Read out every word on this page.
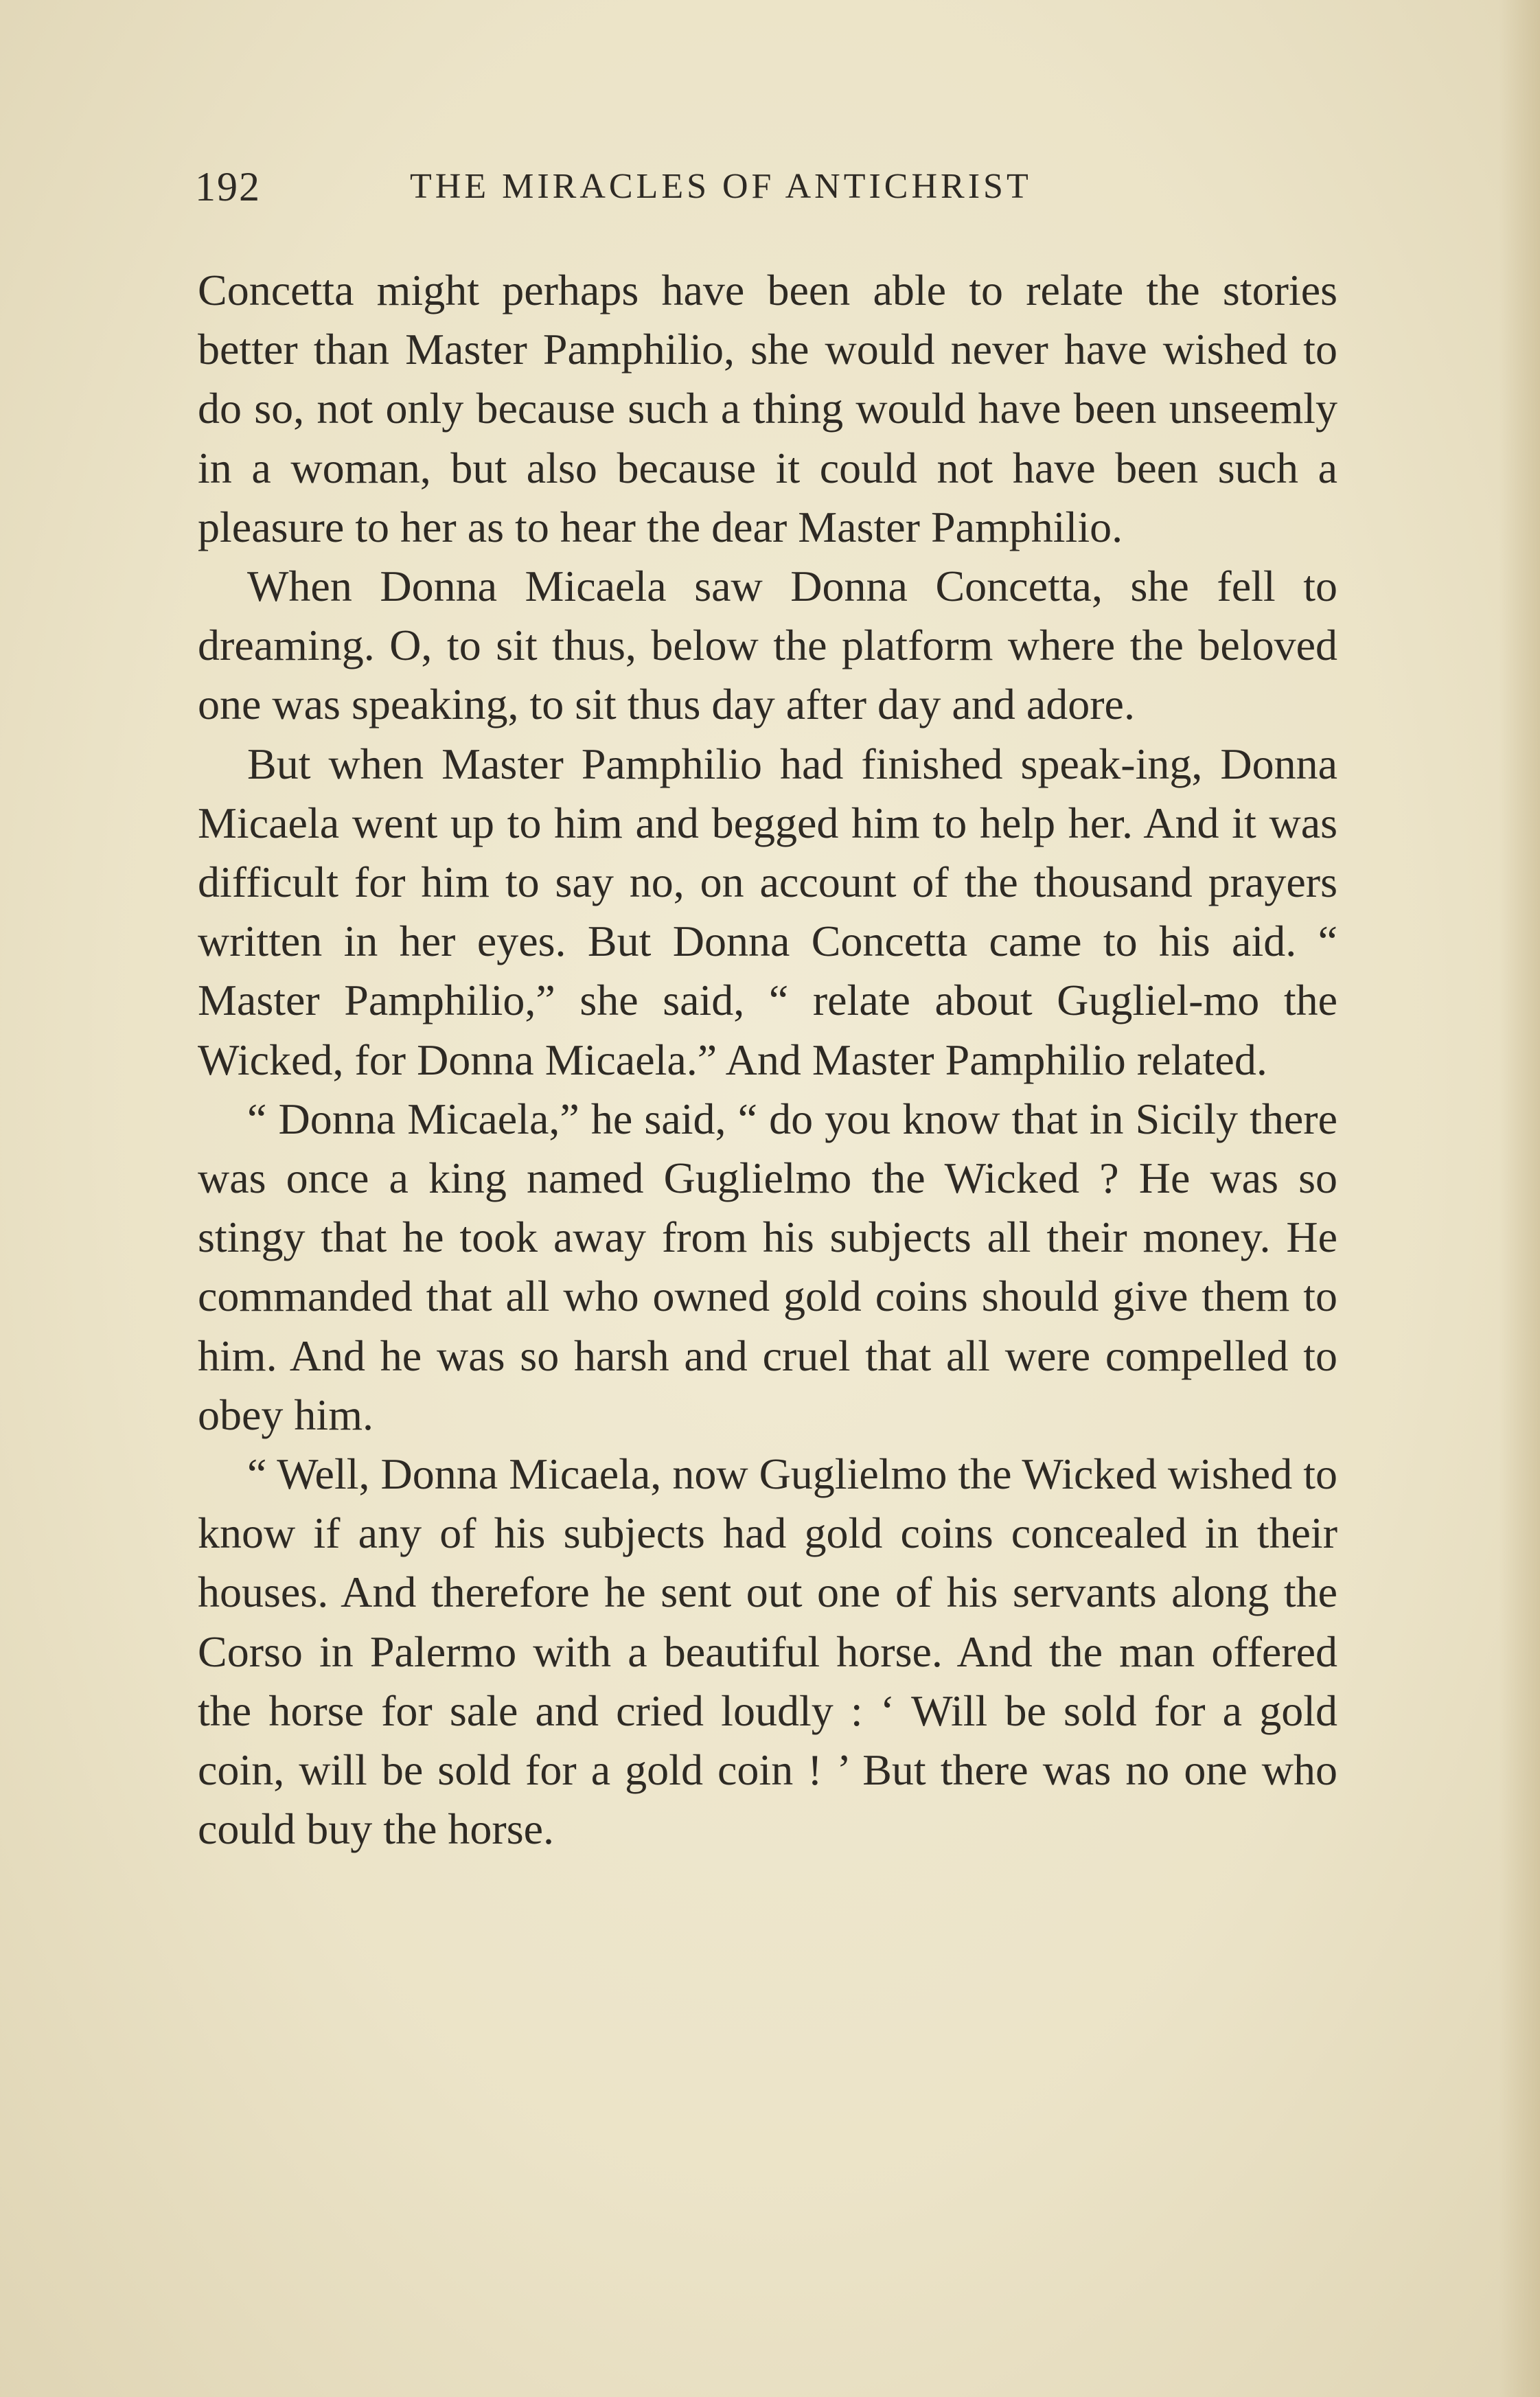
192	THE MIRACLES OF ANTICHRIST

Concetta might perhaps have been able to relate the stories better than Master Pamphilio, she would never have wished to do so, not only because such a thing would have been unseemly in a woman, but also because it could not have been such a pleasure to her as to hear the dear Master Pamphilio.

When Donna Micaela saw Donna Concetta, she fell to dreaming. O, to sit thus, below the platform where the beloved one was speaking, to sit thus day after day and adore.

But when Master Pamphilio had finished speak-ing, Donna Micaela went up to him and begged him to help her. And it was difficult for him to say no, on account of the thousand prayers written in her eyes. But Donna Concetta came to his aid. “ Master Pamphilio,” she said, “ relate about Gugliel-mo the Wicked, for Donna Micaela.” And Master Pamphilio related.

“ Donna Micaela,” he said, “ do you know that in Sicily there was once a king named Guglielmo the Wicked ? He was so stingy that he took away from his subjects all their money. He commanded that all who owned gold coins should give them to him. And he was so harsh and cruel that all were compelled to obey him.

“ Well, Donna Micaela, now Guglielmo the Wicked wished to know if any of his subjects had gold coins concealed in their houses. And therefore he sent out one of his servants along the Corso in Palermo with a beautiful horse. And the man offered the horse for sale and cried loudly : ‘ Will be sold for a gold coin, will be sold for a gold coin ! ’ But there was no one who could buy the horse.
